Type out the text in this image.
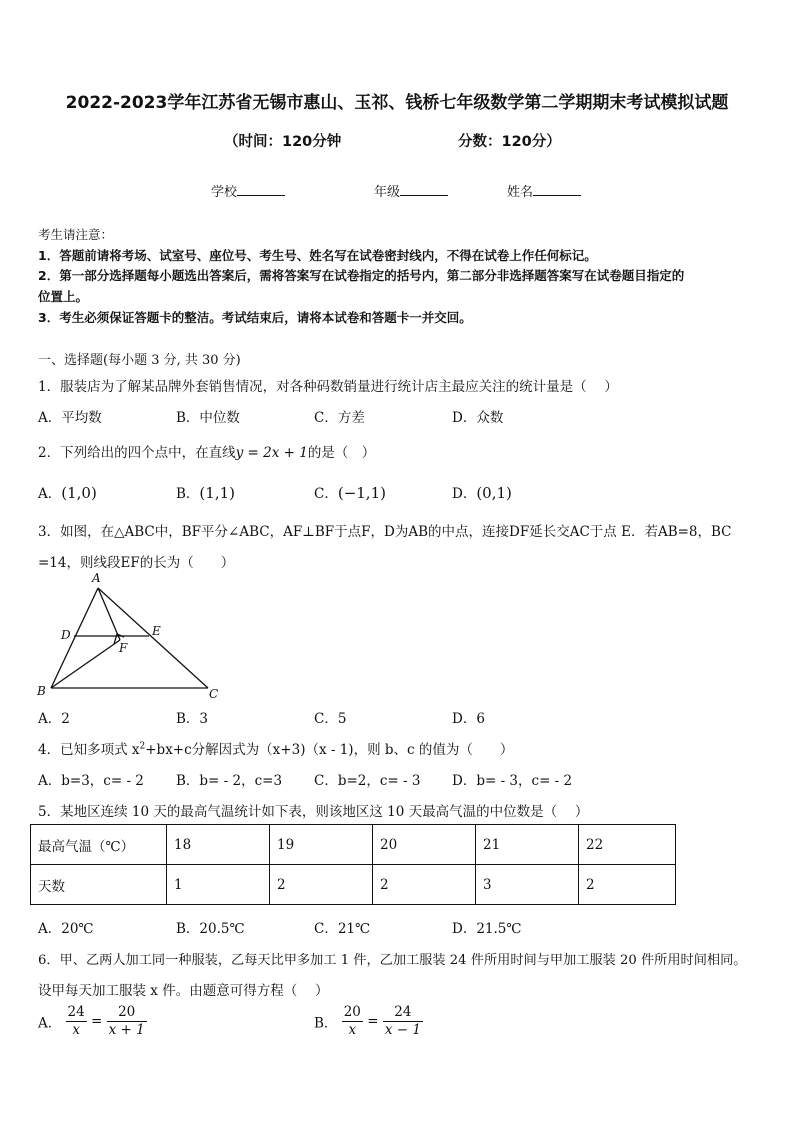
2022-2023学年江苏省无锡市惠山、玉祁、钱桥七年级数学第二学期期末考试模拟试题
（时间：120分钟	分数：120分）
学校	年级	姓名
考生请注意：
1．答题前请将考场、试室号、座位号、考生号、姓名写在试卷密封线内，不得在试卷上作任何标记。
2．第一部分选择题每小题选出答案后，需将答案写在试卷指定的括号内，第二部分非选择题答案写在试卷题目指定的
位置上。
3．考生必须保证答题卡的整洁。考试结束后，请将本试卷和答题卡一并交回。
一、选择题(每小题 3 分, 共 30 分)
1．服装店为了解某品牌外套销售情况，对各种码数销量进行统计店主最应关注的统计量是（　 ）
A．平均数	B．中位数	C．方差	D．众数
2．下列给出的四个点中，在直线y = 2x + 1的是（　）
A．(1,0)	B．(1,1)	C．(−1,1)	D．(0,1)
3．如图，在△ABC中，BF平分∠ABC，AF⊥BF于点F，D为AB的中点，连接DF延长交AC于点 E．若AB=8，BC
=14，则线段EF的长为（　　）
A
D	E
F
B	C
A．2	B．3	C．5	D．6
4．已知多项式 $x^2+bx+c$分解因式为（x+3)（x - 1)，则 b、c 的值为（　　）
A．b=3，c= - 2 B．b= - 2，c=3 C．b=2，c= - 3 D．b= - 3，c= - 2
5．某地区连续 10 天的最高气温统计如下表，则该地区这 10 天最高气温的中位数是（　 ）
最高气温（℃）	18	19	20	21	22
天数	1	2	2	3	2
A．20℃	B．20.5℃	C．21℃	D．21.5℃
6．甲、乙两人加工同一种服装，乙每天比甲多加工 1 件，乙加工服装 24 件所用时间与甲加工服装 20 件所用时间相同。
设甲每天加工服装 x 件。由题意可得方程（　 ）
A． $\frac{24}{x} = \frac{20}{x + 1}$	B． $\frac{20}{x} = \frac{24}{x - 1}$
